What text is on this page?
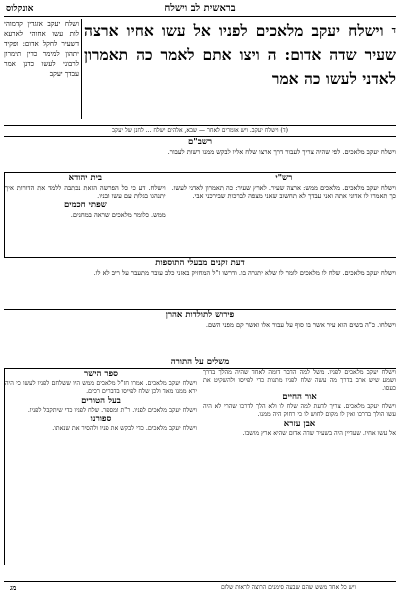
בראשית לב וישלח
אונקלוס
$^ד$ וישלח יעקב מלאכים לפניו אל עשו אחיו ארצה שעיר שדה אדום: ה ויצו אתם לאמר כה תאמרון לאדני לעשו כה אמר
ושלח יעקב אזגדין קדמוהי לות עשו אחוהי לארעא דשעיר לחקל אדום: ופקיד יתהון למימר כדין תימרון לרבוני לעשו כדנן אמר עבדך יעקב
(ד) וישלח יעקב. ויש אומרים לאחר — שבא, אלהים ישלח ... לחנן של יעקב
רשב"ם
וישלח יעקב מלאכים. לפי שהיה צריך לעבור דרך ארצו שלח אליו לבקש ממנו רשות לעבור.
רש"י
וישלח יעקב מלאכים. מלאכים ממש: ארצה שעיר. לארץ שעיר: כה תאמרון לאדני לעשו. כך תאמרו לו אדוני אתה ואני עבדך לא תחשוב שאני מצפה לברכות שבירכני אבי.
בית יהודא
וישלח. דע כי כל הפרשה הזאת נכתבה ללמד את הדורות איך יתנהגו בגלות עם עשו ובניו.
שפתי חכמים
ממש. כלומר מלאכים שראה במחנים.
דעת זקנים מבעלי התוספות
וישלח יעקב מלאכים. שלח לו מלאכים לומר לו שלא יתגרה בו. ודרשו ז"ל המחזיק באזני כלב עובר מתעבר על ריב לא לו.
פירוש לתולדות אהרן
וישלחו. כ"ה בשים הוא עיר אשר בו סוף על עבור אלו ואשר קם מפני השם.
משלים על התורה
וישלח יעקב מלאכים לפניו. משל למה הדבר דומה לאחד שהיה מהלך בדרך ושמע שיש ארב בדרך מה עשה שלח לפניו מתנות כדי לפייסו ולהשקיט את כעסו.
אור החיים
וישלח יעקב מלאכים. צריך לדעת למה שלח לו ולא הלך לדרכו שהרי לא היה עשו הולך בדרכו ואין לו מקום לחוש לו כי רחוק היה ממנו.
אבן עזרא
אל עשו אחיו. שעדיין היה בשעיר שדה אדום שהיא ארץ מושבו.
ספר הישר
וישלח יעקב מלאכים. אמרו חז"ל מלאכים ממש היו ששלחם לפניו לעשו כי היה ירא ממנו מאד ולכן שלח לפייסו בדברים רכים.
בעל הטורים
וישלח יעקב מלאכים לפניו. ר"ת ומספר. שלח לפניו כדי שיתקבל לפניו.
ספורנו
וישלח יעקב מלאכים. כדי לבקש את פניו ולהסיר את שנאתו.
מג	ויש כל אחד משש שהם שבעה סימנים הרוצה לראות שלום
